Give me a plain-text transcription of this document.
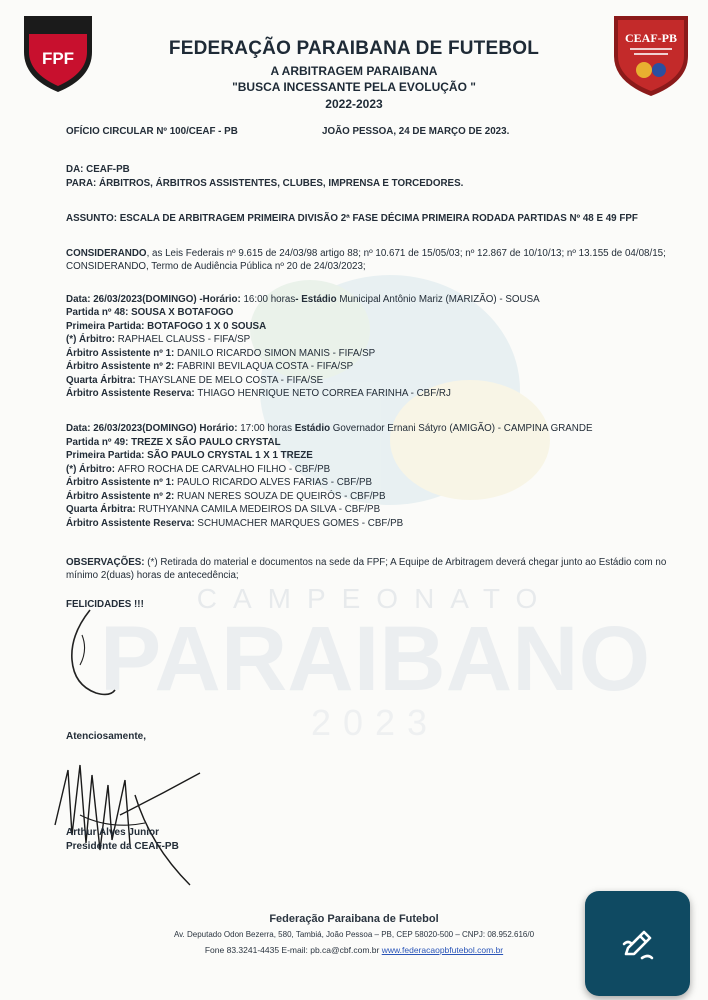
CAMPEONATO
PARAIBANO
2023
FPF
CEAF-PB
FEDERAÇÃO PARAIBANA DE FUTEBOL
A ARBITRAGEM PARAIBANA
"BUSCA INCESSANTE PELA EVOLUÇÃO "
2022-2023
OFÍCIO CIRCULAR Nº 100/CEAF - PB	JOÃO PESSOA, 24 DE MARÇO DE 2023.
DA: CEAF-PB
PARA: ÁRBITROS, ÁRBITROS ASSISTENTES, CLUBES, IMPRENSA E TORCEDORES.
ASSUNTO: ESCALA DE ARBITRAGEM PRIMEIRA DIVISÃO 2ª FASE DÉCIMA PRIMEIRA RODADA PARTIDAS Nº 48 E 49 FPF
CONSIDERANDO, as Leis Federais nº 9.615 de 24/03/98 artigo 88; nº 10.671 de 15/05/03; nº 12.867 de 10/10/13; nº 13.155 de 04/08/15; CONSIDERANDO, Termo de Audiência Pública nº 20 de 24/03/2023;
Data: 26/03/2023(DOMINGO) -Horário: 16:00 horas- Estádio Municipal Antônio Mariz (MARIZÃO) - SOUSA
Partida nº 48: SOUSA X BOTAFOGO
Primeira Partida: BOTAFOGO 1 X 0 SOUSA
(*) Árbitro: RAPHAEL CLAUSS - FIFA/SP
Árbitro Assistente nº 1: DANILO RICARDO SIMON MANIS - FIFA/SP
Árbitro Assistente nº 2: FABRINI BEVILAQUA COSTA - FIFA/SP
Quarta Árbitra: THAYSLANE DE MELO COSTA - FIFA/SE
Árbitro Assistente Reserva: THIAGO HENRIQUE NETO CORREA FARINHA - CBF/RJ
Data: 26/03/2023(DOMINGO) Horário: 17:00 horas Estádio Governador Ernani Sátyro (AMIGÃO) - CAMPINA GRANDE
Partida nº 49: TREZE X SÃO PAULO CRYSTAL
Primeira Partida: SÃO PAULO CRYSTAL 1 X 1 TREZE
(*) Árbitro: AFRO ROCHA DE CARVALHO FILHO - CBF/PB
Árbitro Assistente nº 1: PAULO RICARDO ALVES FARIAS - CBF/PB
Árbitro Assistente nº 2: RUAN NERES SOUZA DE QUEIRÓS - CBF/PB
Quarta Árbitra: RUTHYANNA CAMILA MEDEIROS DA SILVA - CBF/PB
Árbitro Assistente Reserva: SCHUMACHER MARQUES GOMES - CBF/PB
OBSERVAÇÕES: (*) Retirada do material e documentos na sede da FPF; A Equipe de Arbitragem deverá chegar junto ao Estádio com no mínimo 2(duas) horas de antecedência;
FELICIDADES !!!
Atenciosamente,
Arthur Alves Junior
Presidente da CEAF-PB
Federação Paraibana de Futebol
Av. Deputado Odon Bezerra, 580, Tambiá, João Pessoa – PB, CEP 58020-500 – CNPJ: 08.952.616/0
Fone 83.3241-4435 E-mail: pb.ca@cbf.com.br www.federacaopbfutebol.com.br
